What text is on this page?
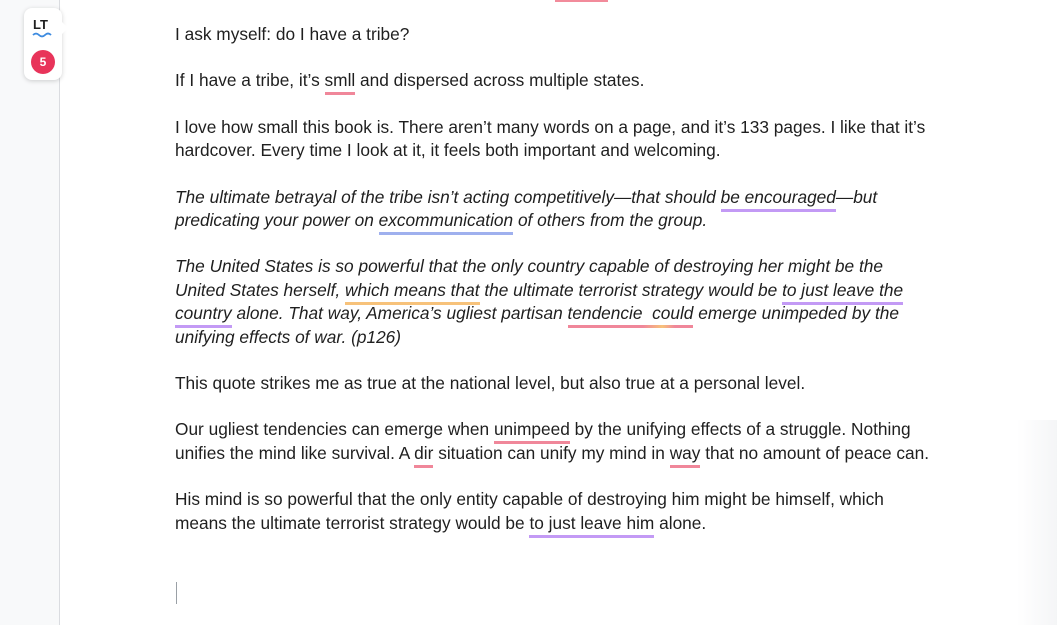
LT
5

I ask myself: do I have a tribe?

If I have a tribe, it’s smll and dispersed across multiple states.

I love how small this book is. There aren’t many words on a page, and it’s 133 pages. I like that it’s hardcover. Every time I look at it, it feels both important and welcoming.

The ultimate betrayal of the tribe isn’t acting competitively—that should be encouraged—but predicating your power on excommunication of others from the group.

The United States is so powerful that the only country capable of destroying her might be the United States herself, which means that the ultimate terrorist strategy would be to just leave the country alone. That way, America’s ugliest partisan tendencie  could emerge unimpeded by the unifying effects of war. (p126)

This quote strikes me as true at the national level, but also true at a personal level.

Our ugliest tendencies can emerge when unimpeed by the unifying effects of a struggle. Nothing unifies the mind like survival. A dir situation can unify my mind in way that no amount of peace can.

His mind is so powerful that the only entity capable of destroying him might be himself, which means the ultimate terrorist strategy would be to just leave him alone.
